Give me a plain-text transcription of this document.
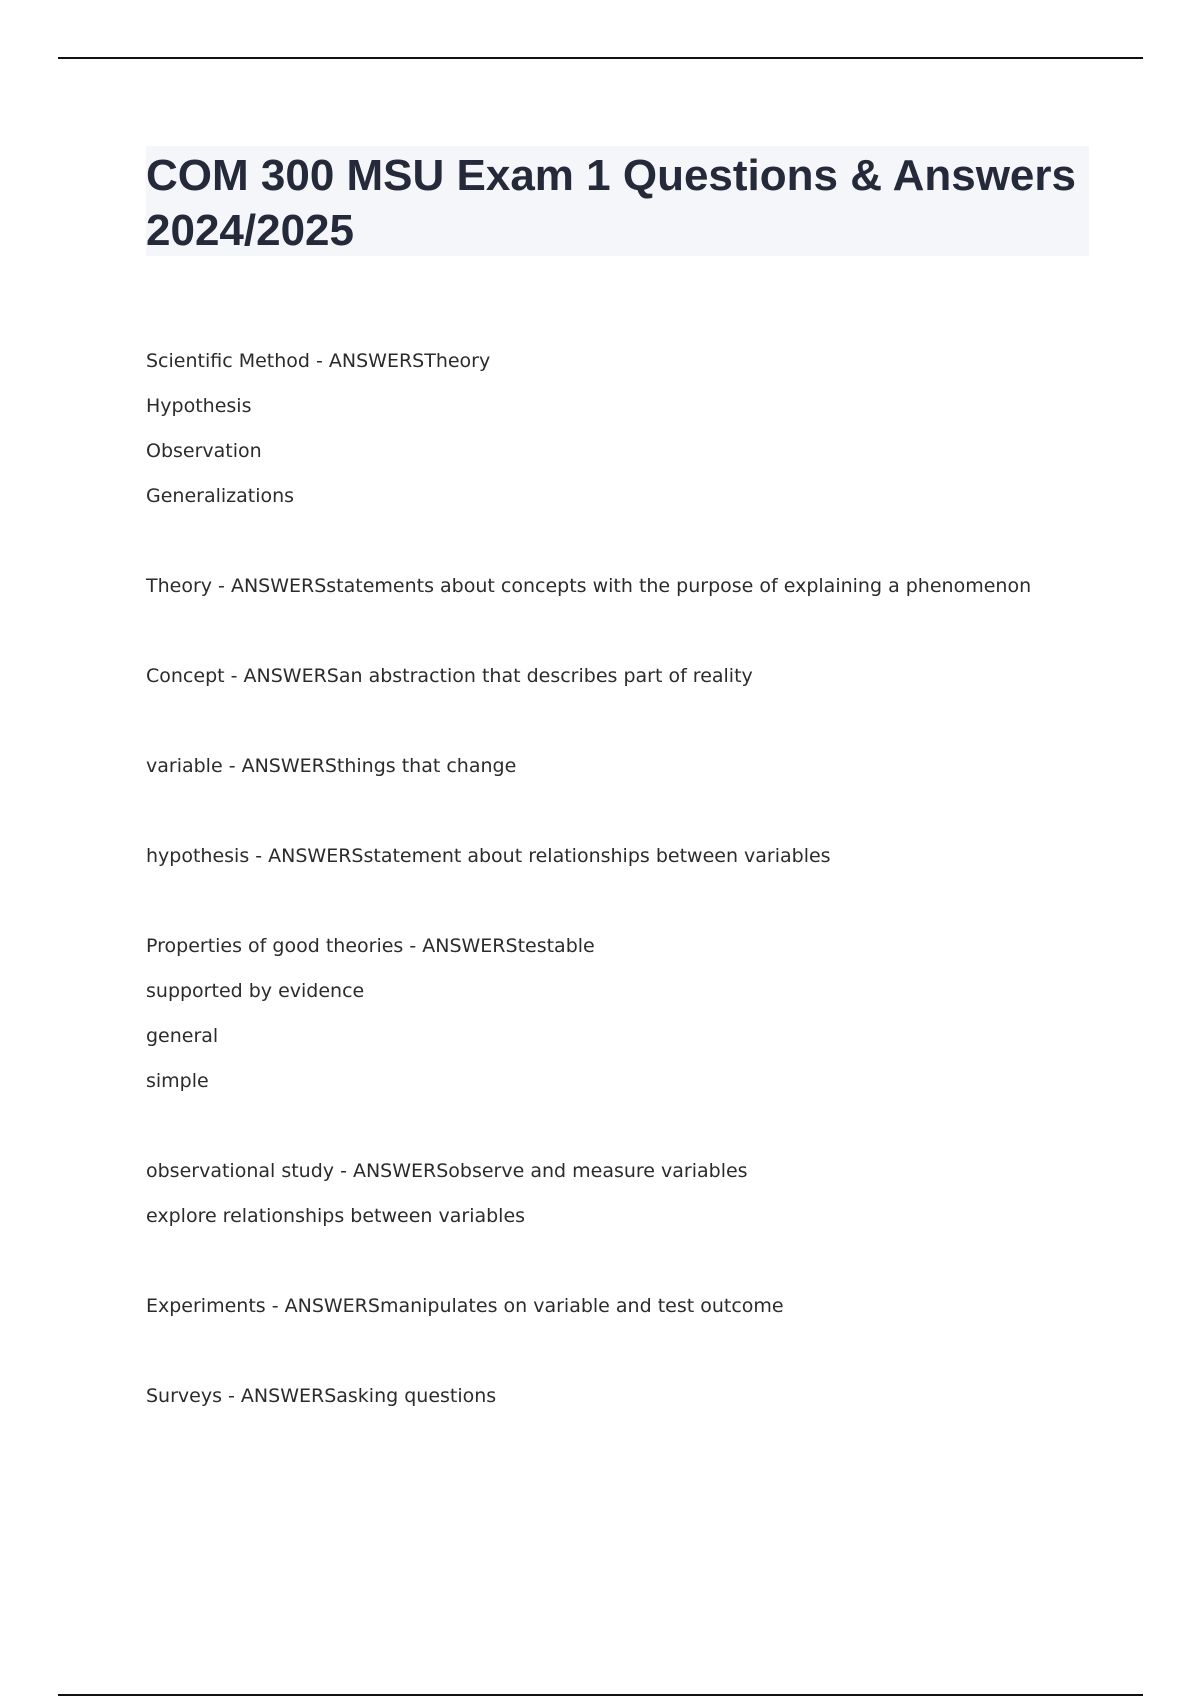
COM 300 MSU Exam 1 Questions & Answers 2024/2025
Scientific Method - ANSWERSTheory
Hypothesis
Observation
Generalizations
Theory - ANSWERSstatements about concepts with the purpose of explaining a phenomenon
Concept - ANSWERSan abstraction that describes part of reality
variable - ANSWERSthings that change
hypothesis - ANSWERSstatement about relationships between variables
Properties of good theories - ANSWERStestable
supported by evidence
general
simple
observational study - ANSWERSobserve and measure variables
explore relationships between variables
Experiments - ANSWERSmanipulates on variable and test outcome
Surveys - ANSWERSasking questions
